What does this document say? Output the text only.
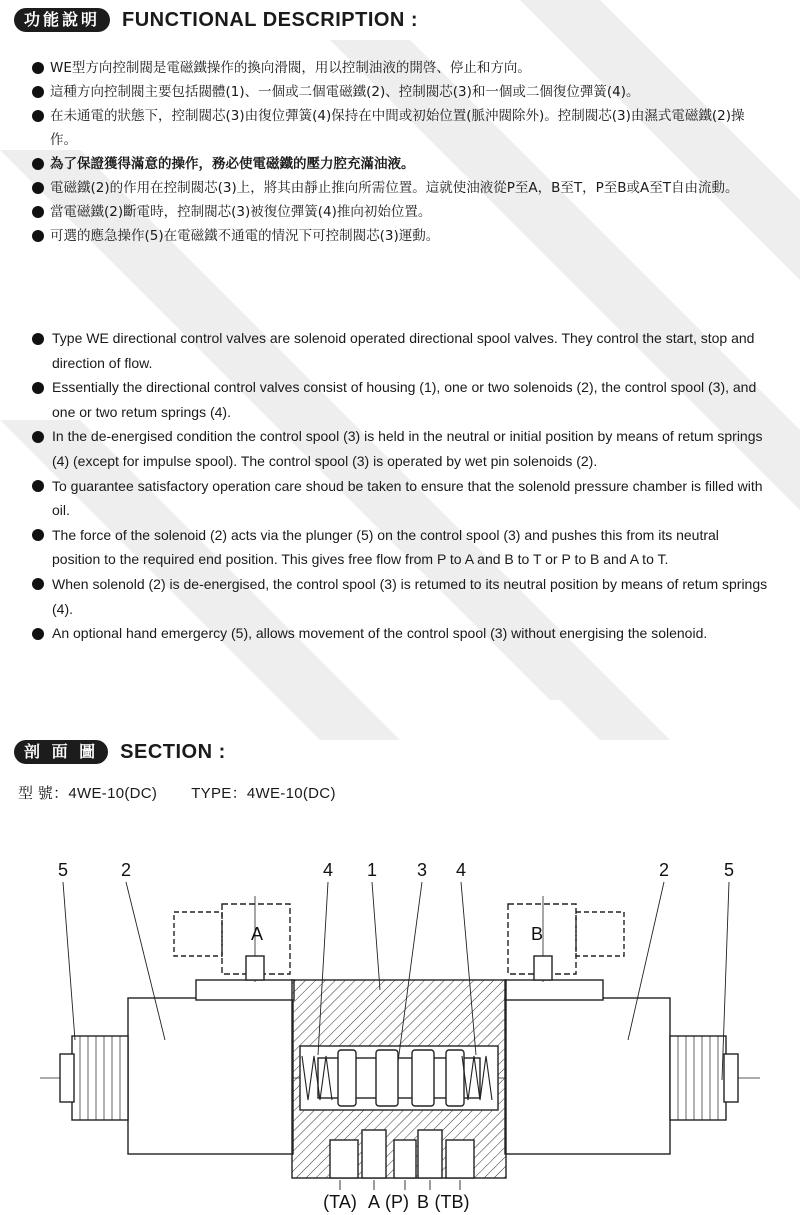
功能說明	FUNCTIONAL DESCRIPTION :
WE型方向控制閥是電磁鐵操作的換向滑閥，用以控制油液的開啓、停止和方向。
這種方向控制閥主要包括閥體(1)、一個或二個電磁鐵(2)、控制閥芯(3)和一個或二個復位彈簧(4)。
在未通電的狀態下，控制閥芯(3)由復位彈簧(4)保持在中間或初始位置(脈沖閥除外)。控制閥芯(3)由濕式電磁鐵(2)操作。
為了保證獲得滿意的操作，務必使電磁鐵的壓力腔充滿油液。
電磁鐵(2)的作用在控制閥芯(3)上，將其由靜止推向所需位置。這就使油液從P至A，B至T，P至B或A至T自由流動。
當電磁鐵(2)斷電時，控制閥芯(3)被復位彈簧(4)推向初始位置。
可選的應急操作(5)在電磁鐵不通電的情況下可控制閥芯(3)運動。
Type WE directional control valves are solenoid operated directional spool valves. They control the start, stop and direction of flow.
Essentially the directional control valves consist of housing (1), one or two solenoids (2), the control spool (3), and one or two retum springs (4).
In the de-energised condition the control spool (3) is held in the neutral or initial position by means of retum springs (4) (except for impulse spool). The control spool (3) is operated by wet pin solenoids (2).
To guarantee satisfactory operation care shoud be taken to ensure that the solenold pressure chamber is filled with oil.
The force of the solenoid (2) acts via the plunger (5) on the control spool (3) and pushes this from its neutral position to the required end position. This gives free flow from P to A and B to T or P to B and A to T.
When solenold (2) is de-energised, the control spool (3) is retumed to its neutral position by means of retum springs (4).
An optional hand emergercy (5), allows movement of the control spool (3) without energising the solenoid.
剖 面 圖	SECTION :
型 號：4WE-10(DC) TYPE：4WE-10(DC)
5	2	4 1 3 4	2	5
A	B
(TA) A (P) B (TB)
